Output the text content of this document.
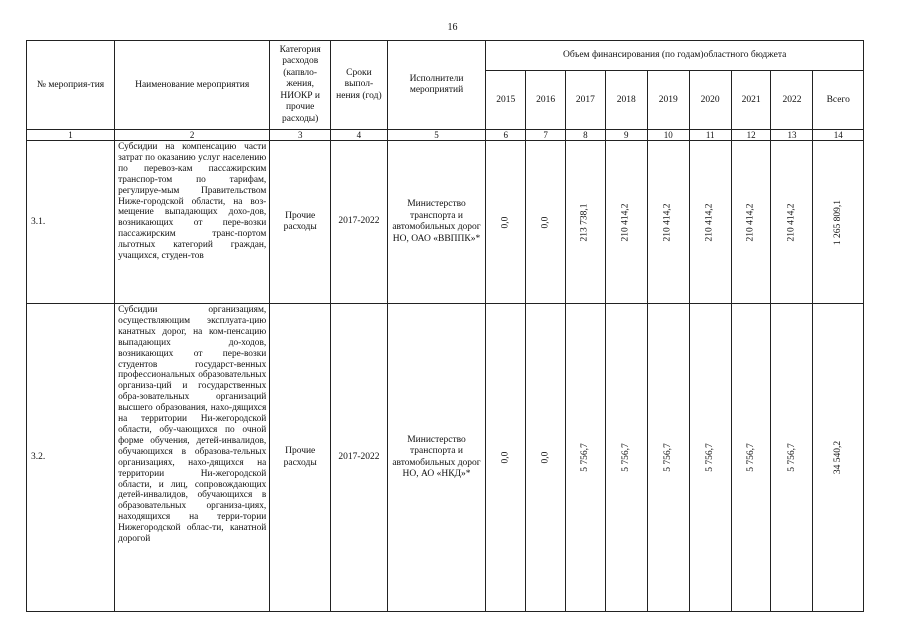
16
№ мероприя-тия	Наименование мероприятия	Категория расходов (капвло-жения, НИОКР и прочие расходы)	Сроки выпол-нения (год)	Исполнители мероприятий	Объем финансирования (по годам)областного бюджета								
					2015	2016	2017	2018	2019	2020	2021	2022	Всего
1	2	3	4	5	6	7	8	9	10	11	12	13	14
3.1.	Субсидии на компенсацию части затрат по оказанию услуг населению по перевоз-кам пассажирским транспор-том по тарифам, регулируе-мым Правительством Ниже-городской области, на воз-мещение выпадающих дохо-дов, возникающих от пере-возки пассажирским транс-портом льготных категорий граждан, учащихся, студен-тов	Прочие расходы	2017-2022	Министерство транспорта и автомобильных дорог НО, ОАО «ВВППК»*	0,0	0,0	213 738,1	210 414,2	210 414,2	210 414,2	210 414,2	210 414,2	1 265 809,1
3.2.	Субсидии организациям, осуществляющим эксплуата-цию канатных дорог, на ком-пенсацию выпадающих до-ходов, возникающих от пере-возки студентов государст-венных профессиональных образовательных организа-ций и государственных обра-зовательных организаций высшего образования, нахо-дящихся на территории Ни-жегородской области, обу-чающихся по очной форме обучения, детей-инвалидов, обучающихся в образова-тельных организациях, нахо-дящихся на территории Ни-жегородской области, и лиц, сопровождающих детей-инвалидов, обучающихся в образовательных организа-циях, находящихся на терри-тории Нижегородской облас-ти, канатной дорогой	Прочие расходы	2017-2022	Министерство транспорта и автомобильных дорог НО, АО «НКД»*	0,0	0,0	5 756,7	5 756,7	5 756,7	5 756,7	5 756,7	5 756,7	34 540,2
